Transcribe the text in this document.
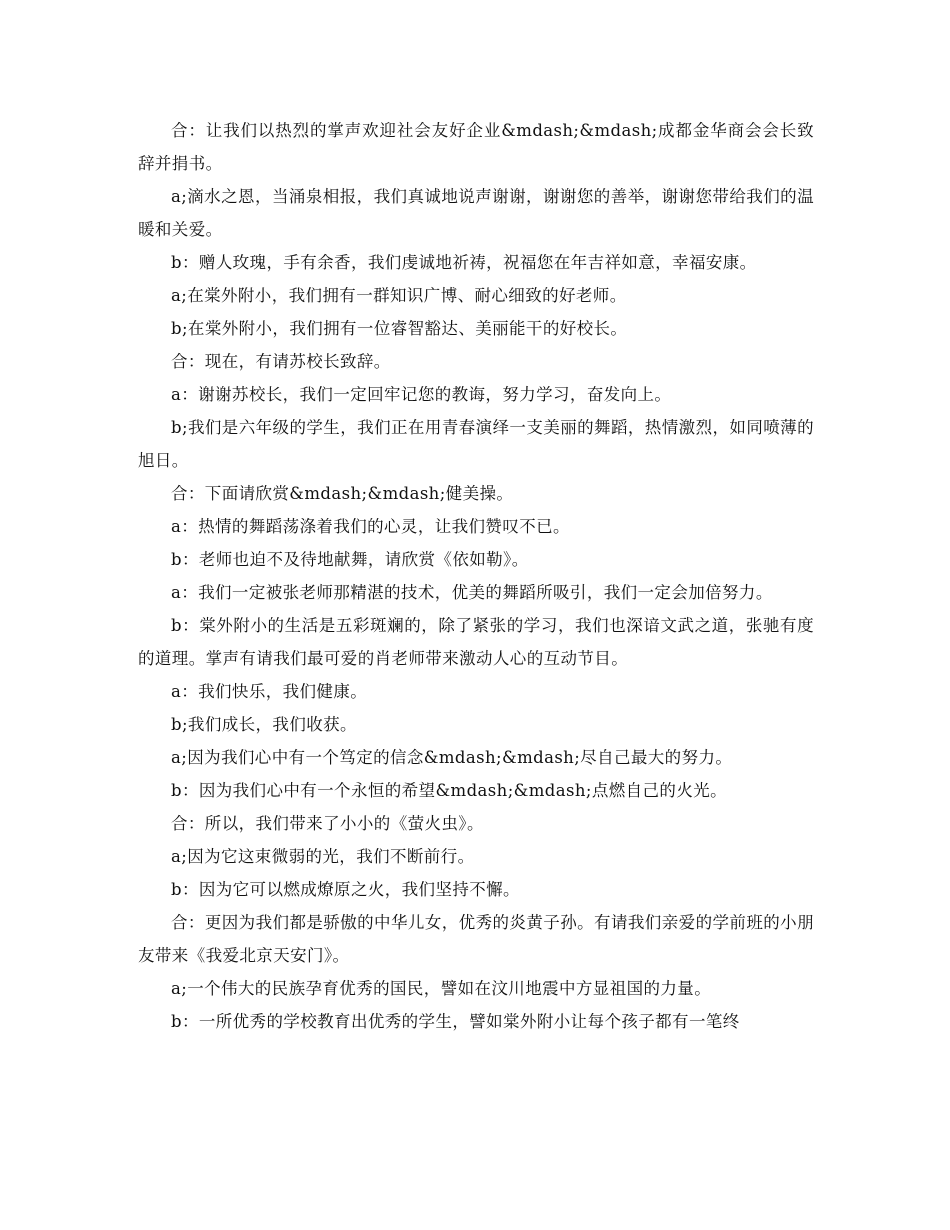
合：让我们以热烈的掌声欢迎社会友好企业&mdash;&mdash;成都金华商会会长致辞并捐书。

a;滴水之恩，当涌泉相报，我们真诚地说声谢谢，谢谢您的善举，谢谢您带给我们的温暖和关爱。

b：赠人玫瑰，手有余香，我们虔诚地祈祷，祝福您在年吉祥如意，幸福安康。

a;在棠外附小，我们拥有一群知识广博、耐心细致的好老师。

b;在棠外附小，我们拥有一位睿智豁达、美丽能干的好校长。

合：现在，有请苏校长致辞。

a：谢谢苏校长，我们一定回牢记您的教诲，努力学习，奋发向上。

b;我们是六年级的学生，我们正在用青春演绎一支美丽的舞蹈，热情激烈，如同喷薄的旭日。

合：下面请欣赏&mdash;&mdash;健美操。

a：热情的舞蹈荡涤着我们的心灵，让我们赞叹不已。

b：老师也迫不及待地献舞，请欣赏《依如勒》。

a：我们一定被张老师那精湛的技术，优美的舞蹈所吸引，我们一定会加倍努力。

b：棠外附小的生活是五彩斑斓的，除了紧张的学习，我们也深谙文武之道，张驰有度的道理。掌声有请我们最可爱的肖老师带来激动人心的互动节目。

a：我们快乐，我们健康。

b;我们成长，我们收获。

a;因为我们心中有一个笃定的信念&mdash;&mdash;尽自己最大的努力。

b：因为我们心中有一个永恒的希望&mdash;&mdash;点燃自己的火光。

合：所以，我们带来了小小的《萤火虫》。

a;因为它这束微弱的光，我们不断前行。

b：因为它可以燃成燎原之火，我们坚持不懈。

合：更因为我们都是骄傲的中华儿女，优秀的炎黄子孙。有请我们亲爱的学前班的小朋友带来《我爱北京天安门》。

a;一个伟大的民族孕育优秀的国民，譬如在汶川地震中方显祖国的力量。

b：一所优秀的学校教育出优秀的学生，譬如棠外附小让每个孩子都有一笔终
